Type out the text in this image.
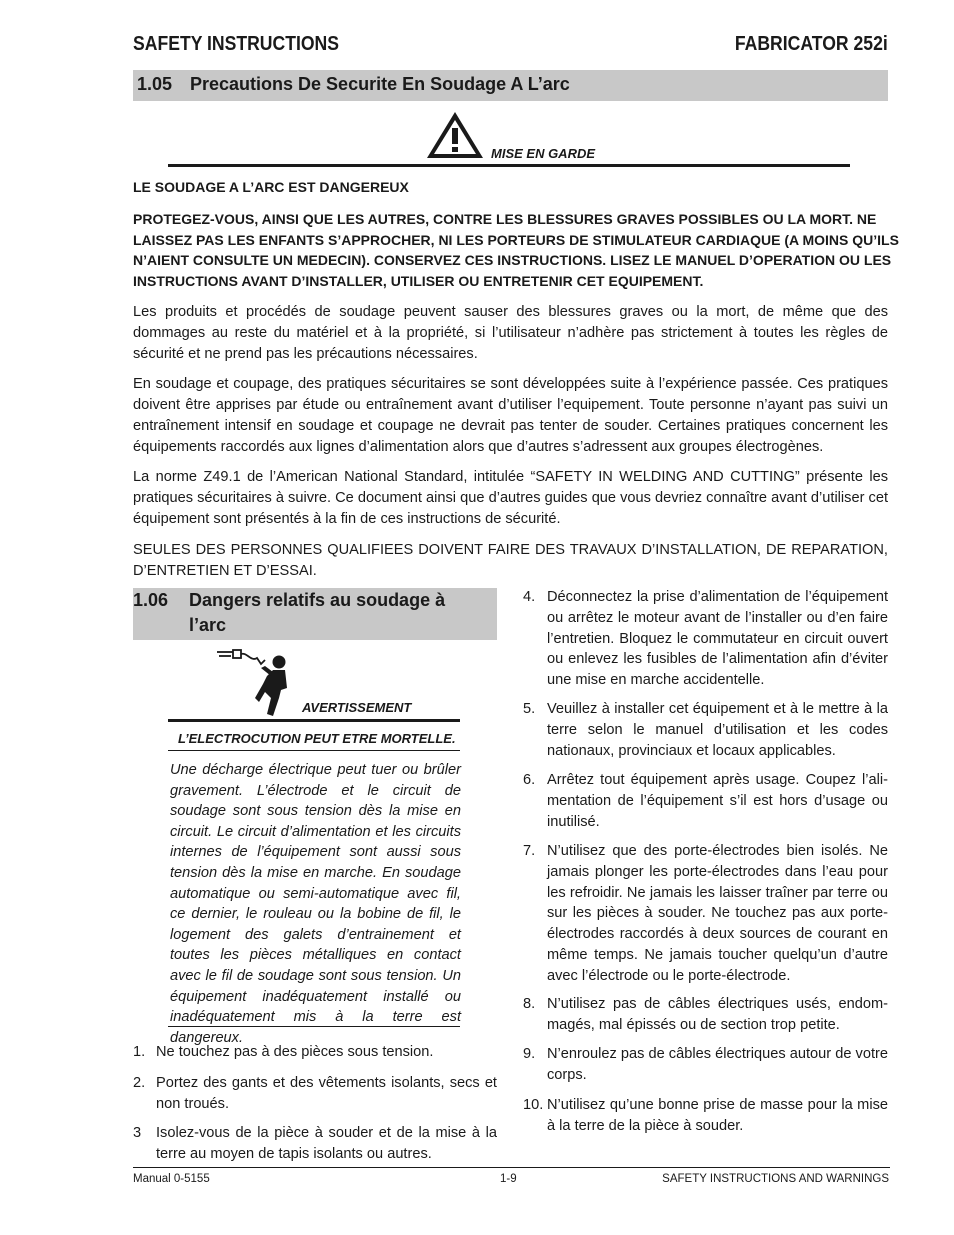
SAFETY INSTRUCTIONS	FABRICATOR 252i
1.05 Precautions De Securite En Soudage A L’arc
MISE EN GARDE
LE SOUDAGE A L’ARC EST DANGEREUX
PROTEGEZ-VOUS, AINSI QUE LES AUTRES, CONTRE LES BLESSURES GRAVES POSSIBLES OU LA MORT. NE
LAISSEZ PAS LES ENFANTS S’APPROCHER, NI LES PORTEURS DE STIMULATEUR CARDIAQUE (A MOINS QU’ILS
N’AIENT CONSULTE UN MEDECIN). CONSERVEZ CES INSTRUCTIONS. LISEZ LE MANUEL D’OPERATION OU LES
INSTRUCTIONS AVANT D’INSTALLER, UTILISER OU ENTRETENIR CET EQUIPEMENT.
Les produits et procédés de soudage peuvent sauser des blessures graves ou la mort, de même que des dommages au reste du matériel et à la propriété, si l’utilisateur n’adhère pas strictement à toutes les règles de sécurité et ne prend pas les précautions nécessaires.
En soudage et coupage, des pratiques sécuritaires se sont développées suite à l’expérience passée. Ces pratiques doivent être apprises par étude ou entraînement avant d’utiliser l’equipement. Toute personne n’ayant pas suivi un entraînement intensif en soudage et coupage ne devrait pas tenter de souder. Certaines pratiques concernent les équipements raccordés aux lignes d’alimentation alors que d’autres s’adressent aux groupes électrogènes.
La norme Z49.1 de l’American National Standard, intitulée “SAFETY IN WELDING AND CUTTING” présente les pratiques sécuritaires à suivre. Ce document ainsi que d’autres guides que vous devriez connaître avant d’utiliser cet équipement sont présentés à la fin de ces instructions de sécurité.
SEULES DES PERSONNES QUALIFIEES DOIVENT FAIRE DES TRAVAUX D’INSTALLATION, DE REPARATION, D’ENTRETIEN ET D’ESSAI.
1.06 Dangers relatifs au soudage à
l’arc
AVERTISSEMENT
L’ELECTROCUTION PEUT ETRE MORTELLE.
Une décharge électrique peut tuer ou brûler gravement. L’électrode et le circuit de soudage sont sous tension dès la mise en circuit. Le circuit d’alimentation et les circuits internes de l’équipement sont aussi sous tension dès la mise en marche. En soudage automatique ou semi-automatique avec fil, ce dernier, le rouleau ou la bobine de fil, le logement des galets d’entrainement et toutes les pièces métalliques en contact avec le fil de soudage sont sous tension. Un équipement inadéquatement installé ou inadéquatement mis à la terre est dangereux.
1. Ne touchez pas à des pièces sous tension.
2. Portez des gants et des vêtements isolants, secs et non troués.
3 Isolez-vous de la pièce à souder et de la mise à la terre au moyen de tapis isolants ou autres.
4. Déconnectez la prise d’alimentation de l’équipement ou arrêtez le moteur avant de l’installer ou d’en faire l’entretien. Bloquez le commutateur en circuit ouvert ou enlevez les fusibles de l’alimentation afin d’éviter une mise en marche accidentelle.
5. Veuillez à installer cet équipement et à le mettre à la terre selon le manuel d’utilisation et les codes nationaux, provinciaux et locaux applicables.
6. Arrêtez tout équipement après usage. Coupez l’ali-mentation de l’équipement s’il est hors d’usage ou inutilisé.
7. N’utilisez que des porte-électrodes bien isolés. Ne jamais plonger les porte-électrodes dans l’eau pour les refroidir. Ne jamais les laisser traîner par terre ou sur les pièces à souder. Ne touchez pas aux porte-électrodes raccordés à deux sources de courant en même temps. Ne jamais toucher quelqu’un d’autre avec l’électrode ou le porte-électrode.
8. N’utilisez pas de câbles électriques usés, endom-magés, mal épissés ou de section trop petite.
9. N’enroulez pas de câbles électriques autour de votre corps.
10. N’utilisez qu’une bonne prise de masse pour la mise à la terre de la pièce à souder.
Manual 0-5155	1-9	SAFETY INSTRUCTIONS AND WARNINGS
